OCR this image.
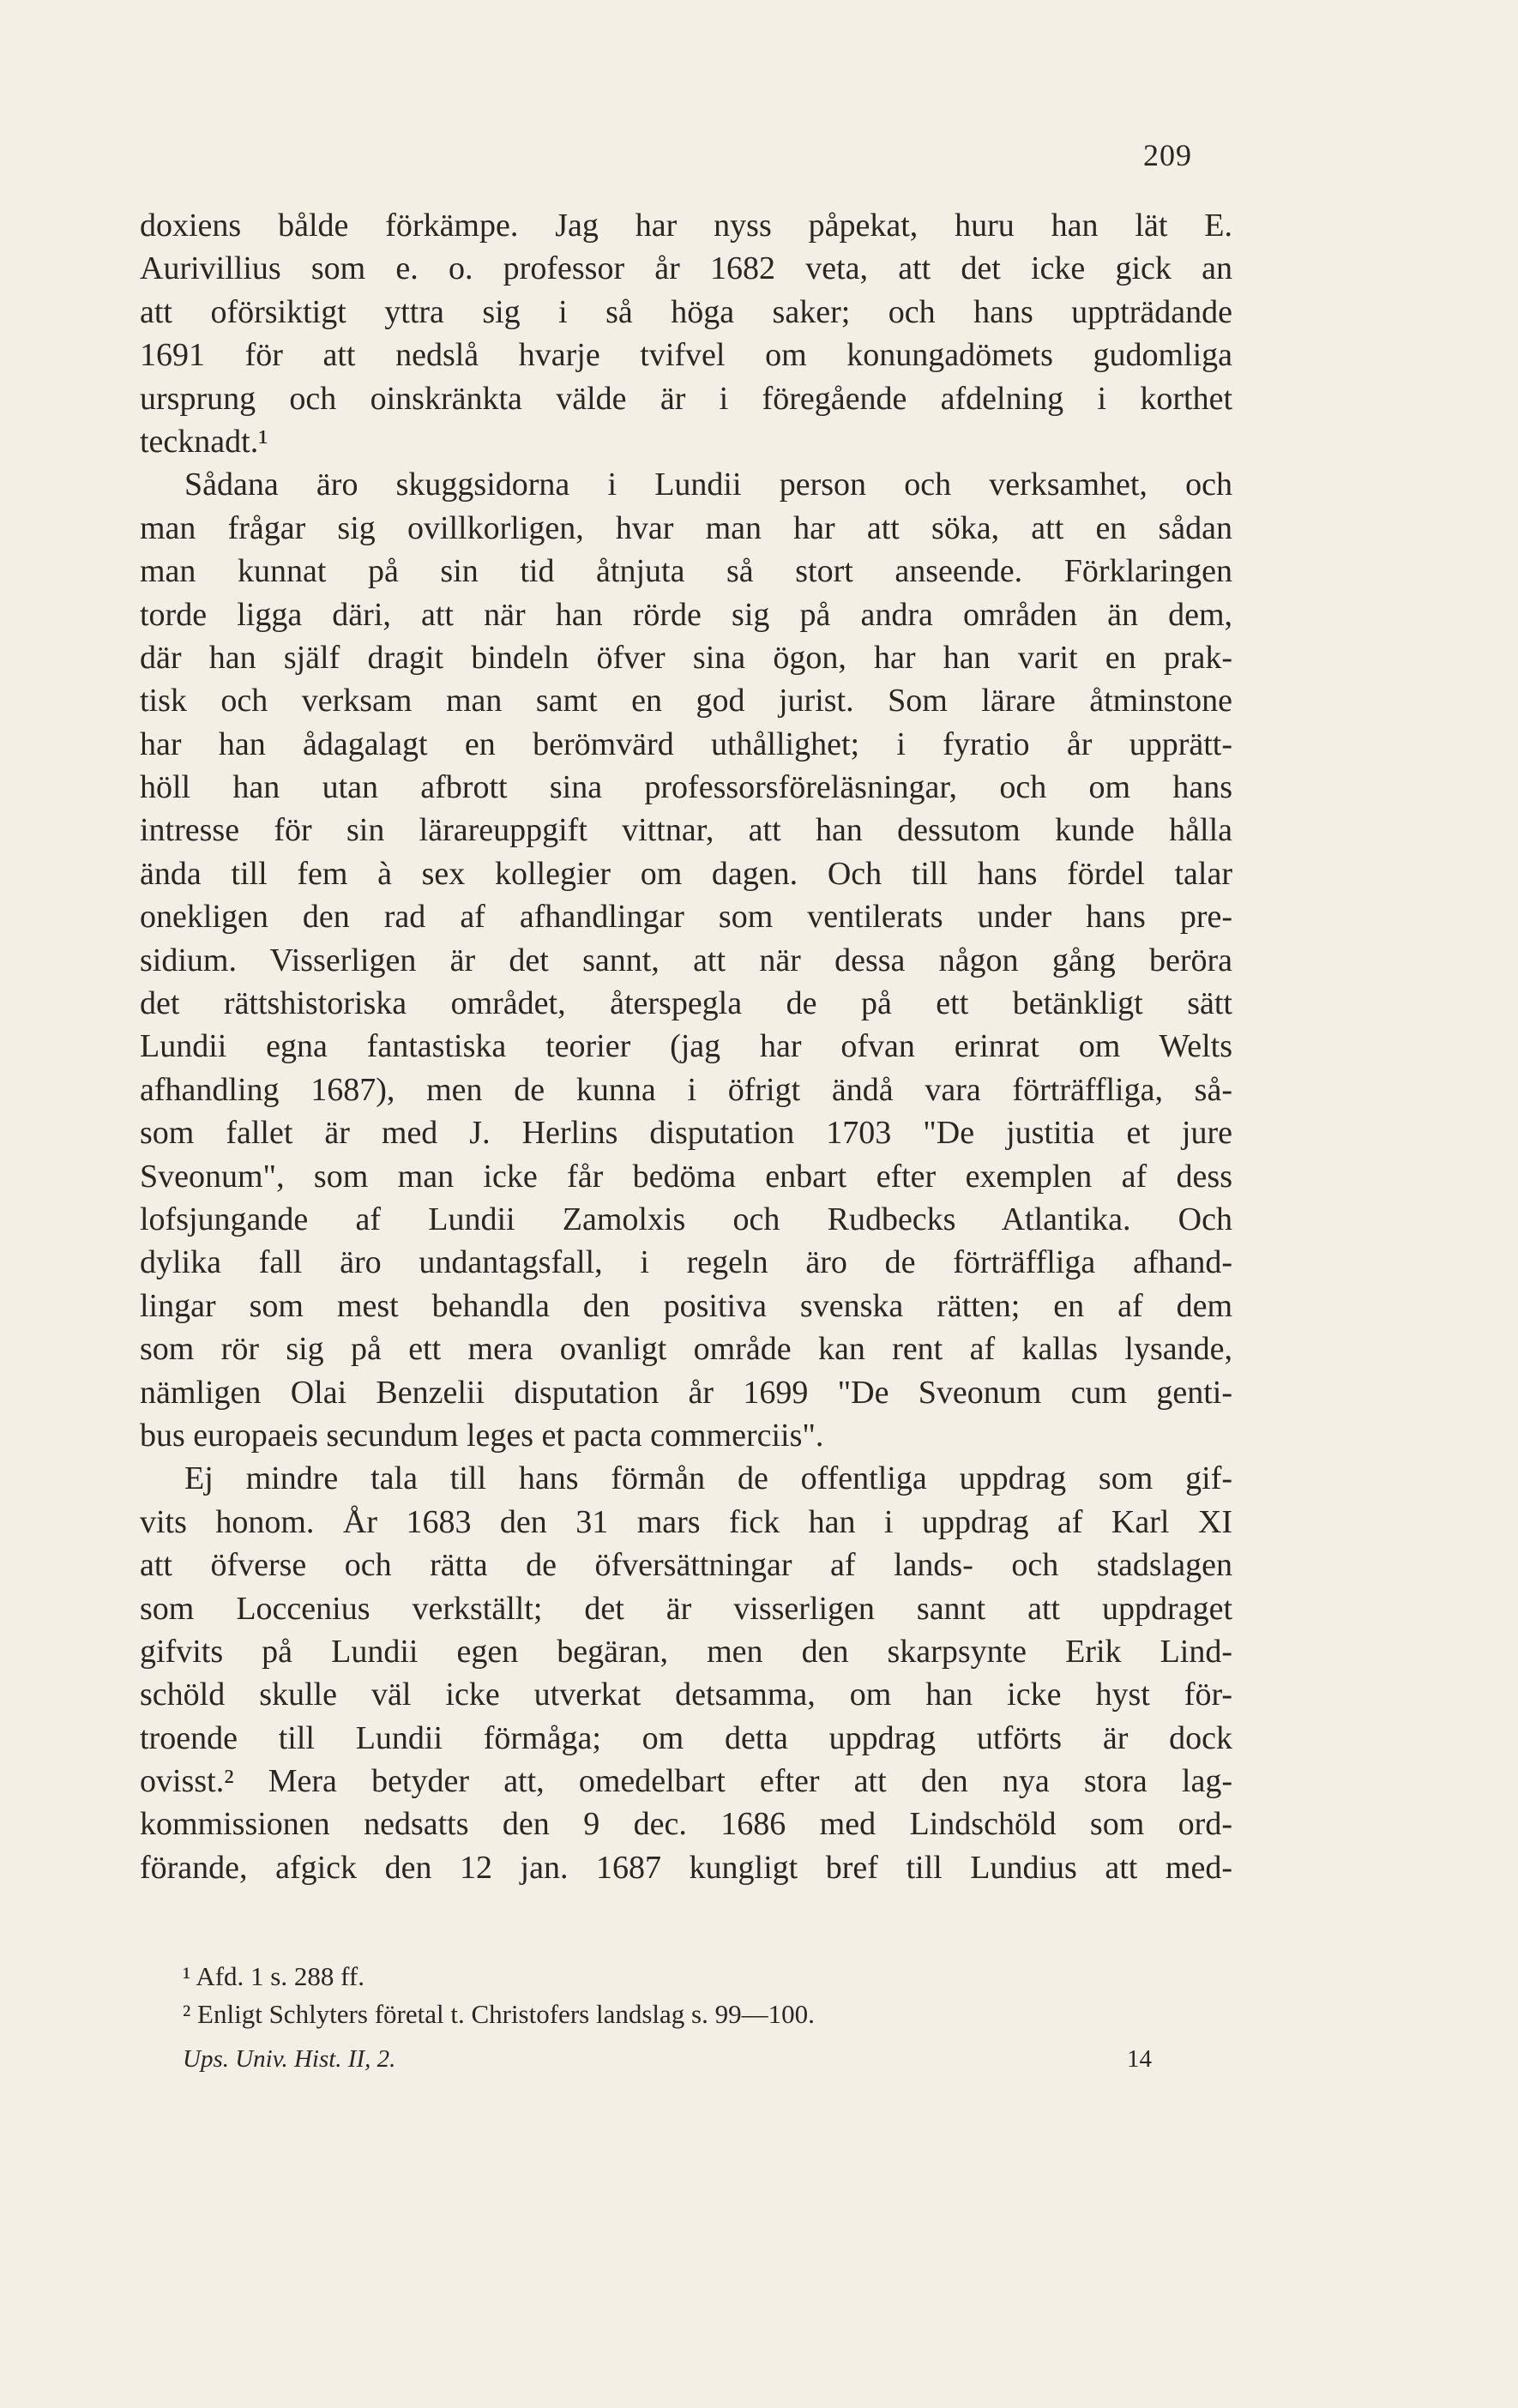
209
doxiens bålde förkämpe. Jag har nyss påpekat, huru han lät E.
Aurivillius som e. o. professor år 1682 veta, att det icke gick an
att oförsiktigt yttra sig i så höga saker; och hans uppträdande
1691 för att nedslå hvarje tvifvel om konungadömets gudomliga
ursprung och oinskränkta välde är i föregående afdelning i korthet
tecknadt.¹
Sådana äro skuggsidorna i Lundii person och verksamhet, och
man frågar sig ovillkorligen, hvar man har att söka, att en sådan
man kunnat på sin tid åtnjuta så stort anseende. Förklaringen
torde ligga däri, att när han rörde sig på andra områden än dem,
där han själf dragit bindeln öfver sina ögon, har han varit en prak-
tisk och verksam man samt en god jurist. Som lärare åtminstone
har han ådagalagt en berömvärd uthållighet; i fyratio år upprätt-
höll han utan afbrott sina professorsföreläsningar, och om hans
intresse för sin lärareuppgift vittnar, att han dessutom kunde hålla
ända till fem à sex kollegier om dagen. Och till hans fördel talar
onekligen den rad af afhandlingar som ventilerats under hans pre-
sidium. Visserligen är det sannt, att när dessa någon gång beröra
det rättshistoriska området, återspegla de på ett betänkligt sätt
Lundii egna fantastiska teorier (jag har ofvan erinrat om Welts
afhandling 1687), men de kunna i öfrigt ändå vara förträffliga, så-
som fallet är med J. Herlins disputation 1703 "De justitia et jure
Sveonum", som man icke får bedöma enbart efter exemplen af dess
lofsjungande af Lundii Zamolxis och Rudbecks Atlantika. Och
dylika fall äro undantagsfall, i regeln äro de förträffliga afhand-
lingar som mest behandla den positiva svenska rätten; en af dem
som rör sig på ett mera ovanligt område kan rent af kallas lysande,
nämligen Olai Benzelii disputation år 1699 "De Sveonum cum genti-
bus europaeis secundum leges et pacta commerciis".
Ej mindre tala till hans förmån de offentliga uppdrag som gif-
vits honom. År 1683 den 31 mars fick han i uppdrag af Karl XI
att öfverse och rätta de öfversättningar af lands- och stadslagen
som Loccenius verkställt; det är visserligen sannt att uppdraget
gifvits på Lundii egen begäran, men den skarpsynte Erik Lind-
schöld skulle väl icke utverkat detsamma, om han icke hyst för-
troende till Lundii förmåga; om detta uppdrag utförts är dock
ovisst.² Mera betyder att, omedelbart efter att den nya stora lag-
kommissionen nedsatts den 9 dec. 1686 med Lindschöld som ord-
förande, afgick den 12 jan. 1687 kungligt bref till Lundius att med-
¹ Afd. 1 s. 288 ff.
² Enligt Schlyters företal t. Christofers landslag s. 99—100.
Ups. Univ. Hist. II, 2.	14
